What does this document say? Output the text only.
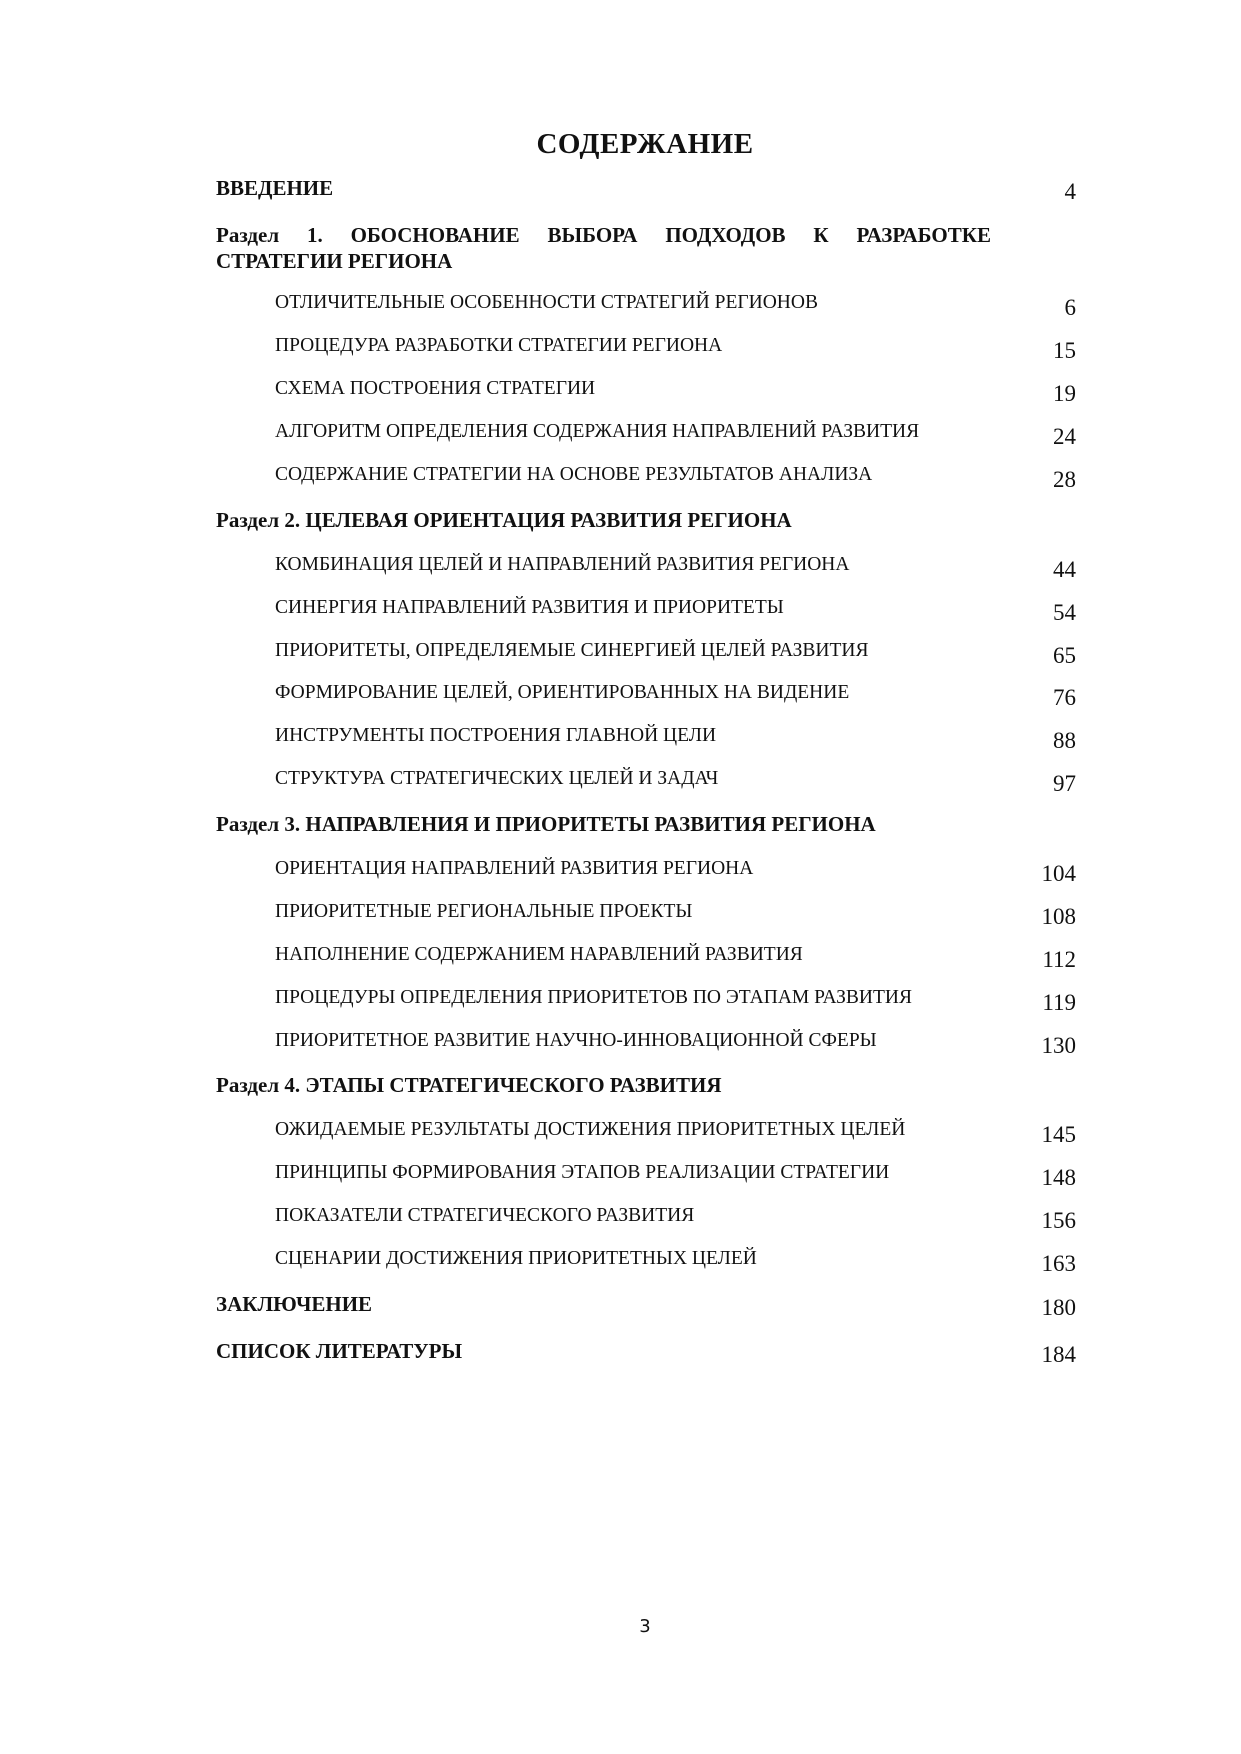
СОДЕРЖАНИЕ
ВВЕДЕНИЕ	4
Раздел 1. ОБОСНОВАНИЕ ВЫБОРА ПОДХОДОВ К РАЗРАБОТКЕ
СТРАТЕГИИ РЕГИОНА
ОТЛИЧИТЕЛЬНЫЕ ОСОБЕННОСТИ СТРАТЕГИЙ РЕГИОНОВ	6
ПРОЦЕДУРА РАЗРАБОТКИ СТРАТЕГИИ РЕГИОНА	15
СХЕМА ПОСТРОЕНИЯ СТРАТЕГИИ	19
АЛГОРИТМ ОПРЕДЕЛЕНИЯ СОДЕРЖАНИЯ НАПРАВЛЕНИЙ РАЗВИТИЯ	24
СОДЕРЖАНИЕ СТРАТЕГИИ НА ОСНОВЕ РЕЗУЛЬТАТОВ АНАЛИЗА	28
Раздел 2. ЦЕЛЕВАЯ ОРИЕНТАЦИЯ РАЗВИТИЯ РЕГИОНА
КОМБИНАЦИЯ ЦЕЛЕЙ И НАПРАВЛЕНИЙ РАЗВИТИЯ РЕГИОНА	44
СИНЕРГИЯ НАПРАВЛЕНИЙ РАЗВИТИЯ И ПРИОРИТЕТЫ	54
ПРИОРИТЕТЫ, ОПРЕДЕЛЯЕМЫЕ СИНЕРГИЕЙ ЦЕЛЕЙ РАЗВИТИЯ	65
ФОРМИРОВАНИЕ ЦЕЛЕЙ, ОРИЕНТИРОВАННЫХ НА ВИДЕНИЕ	76
ИНСТРУМЕНТЫ ПОСТРОЕНИЯ ГЛАВНОЙ ЦЕЛИ	88
СТРУКТУРА СТРАТЕГИЧЕСКИХ ЦЕЛЕЙ И ЗАДАЧ	97
Раздел 3. НАПРАВЛЕНИЯ И ПРИОРИТЕТЫ РАЗВИТИЯ РЕГИОНА
ОРИЕНТАЦИЯ НАПРАВЛЕНИЙ РАЗВИТИЯ РЕГИОНА	104
ПРИОРИТЕТНЫЕ РЕГИОНАЛЬНЫЕ ПРОЕКТЫ	108
НАПОЛНЕНИЕ СОДЕРЖАНИЕМ НАРАВЛЕНИЙ РАЗВИТИЯ	112
ПРОЦЕДУРЫ ОПРЕДЕЛЕНИЯ ПРИОРИТЕТОВ ПО ЭТАПАМ РАЗВИТИЯ	119
ПРИОРИТЕТНОЕ РАЗВИТИЕ НАУЧНО-ИННОВАЦИОННОЙ СФЕРЫ	130
Раздел 4. ЭТАПЫ СТРАТЕГИЧЕСКОГО РАЗВИТИЯ
ОЖИДАЕМЫЕ РЕЗУЛЬТАТЫ ДОСТИЖЕНИЯ ПРИОРИТЕТНЫХ ЦЕЛЕЙ	145
ПРИНЦИПЫ ФОРМИРОВАНИЯ ЭТАПОВ РЕАЛИЗАЦИИ СТРАТЕГИИ	148
ПОКАЗАТЕЛИ СТРАТЕГИЧЕСКОГО РАЗВИТИЯ	156
СЦЕНАРИИ ДОСТИЖЕНИЯ ПРИОРИТЕТНЫХ ЦЕЛЕЙ	163
ЗАКЛЮЧЕНИЕ	180
СПИСОК ЛИТЕРАТУРЫ	184
3
